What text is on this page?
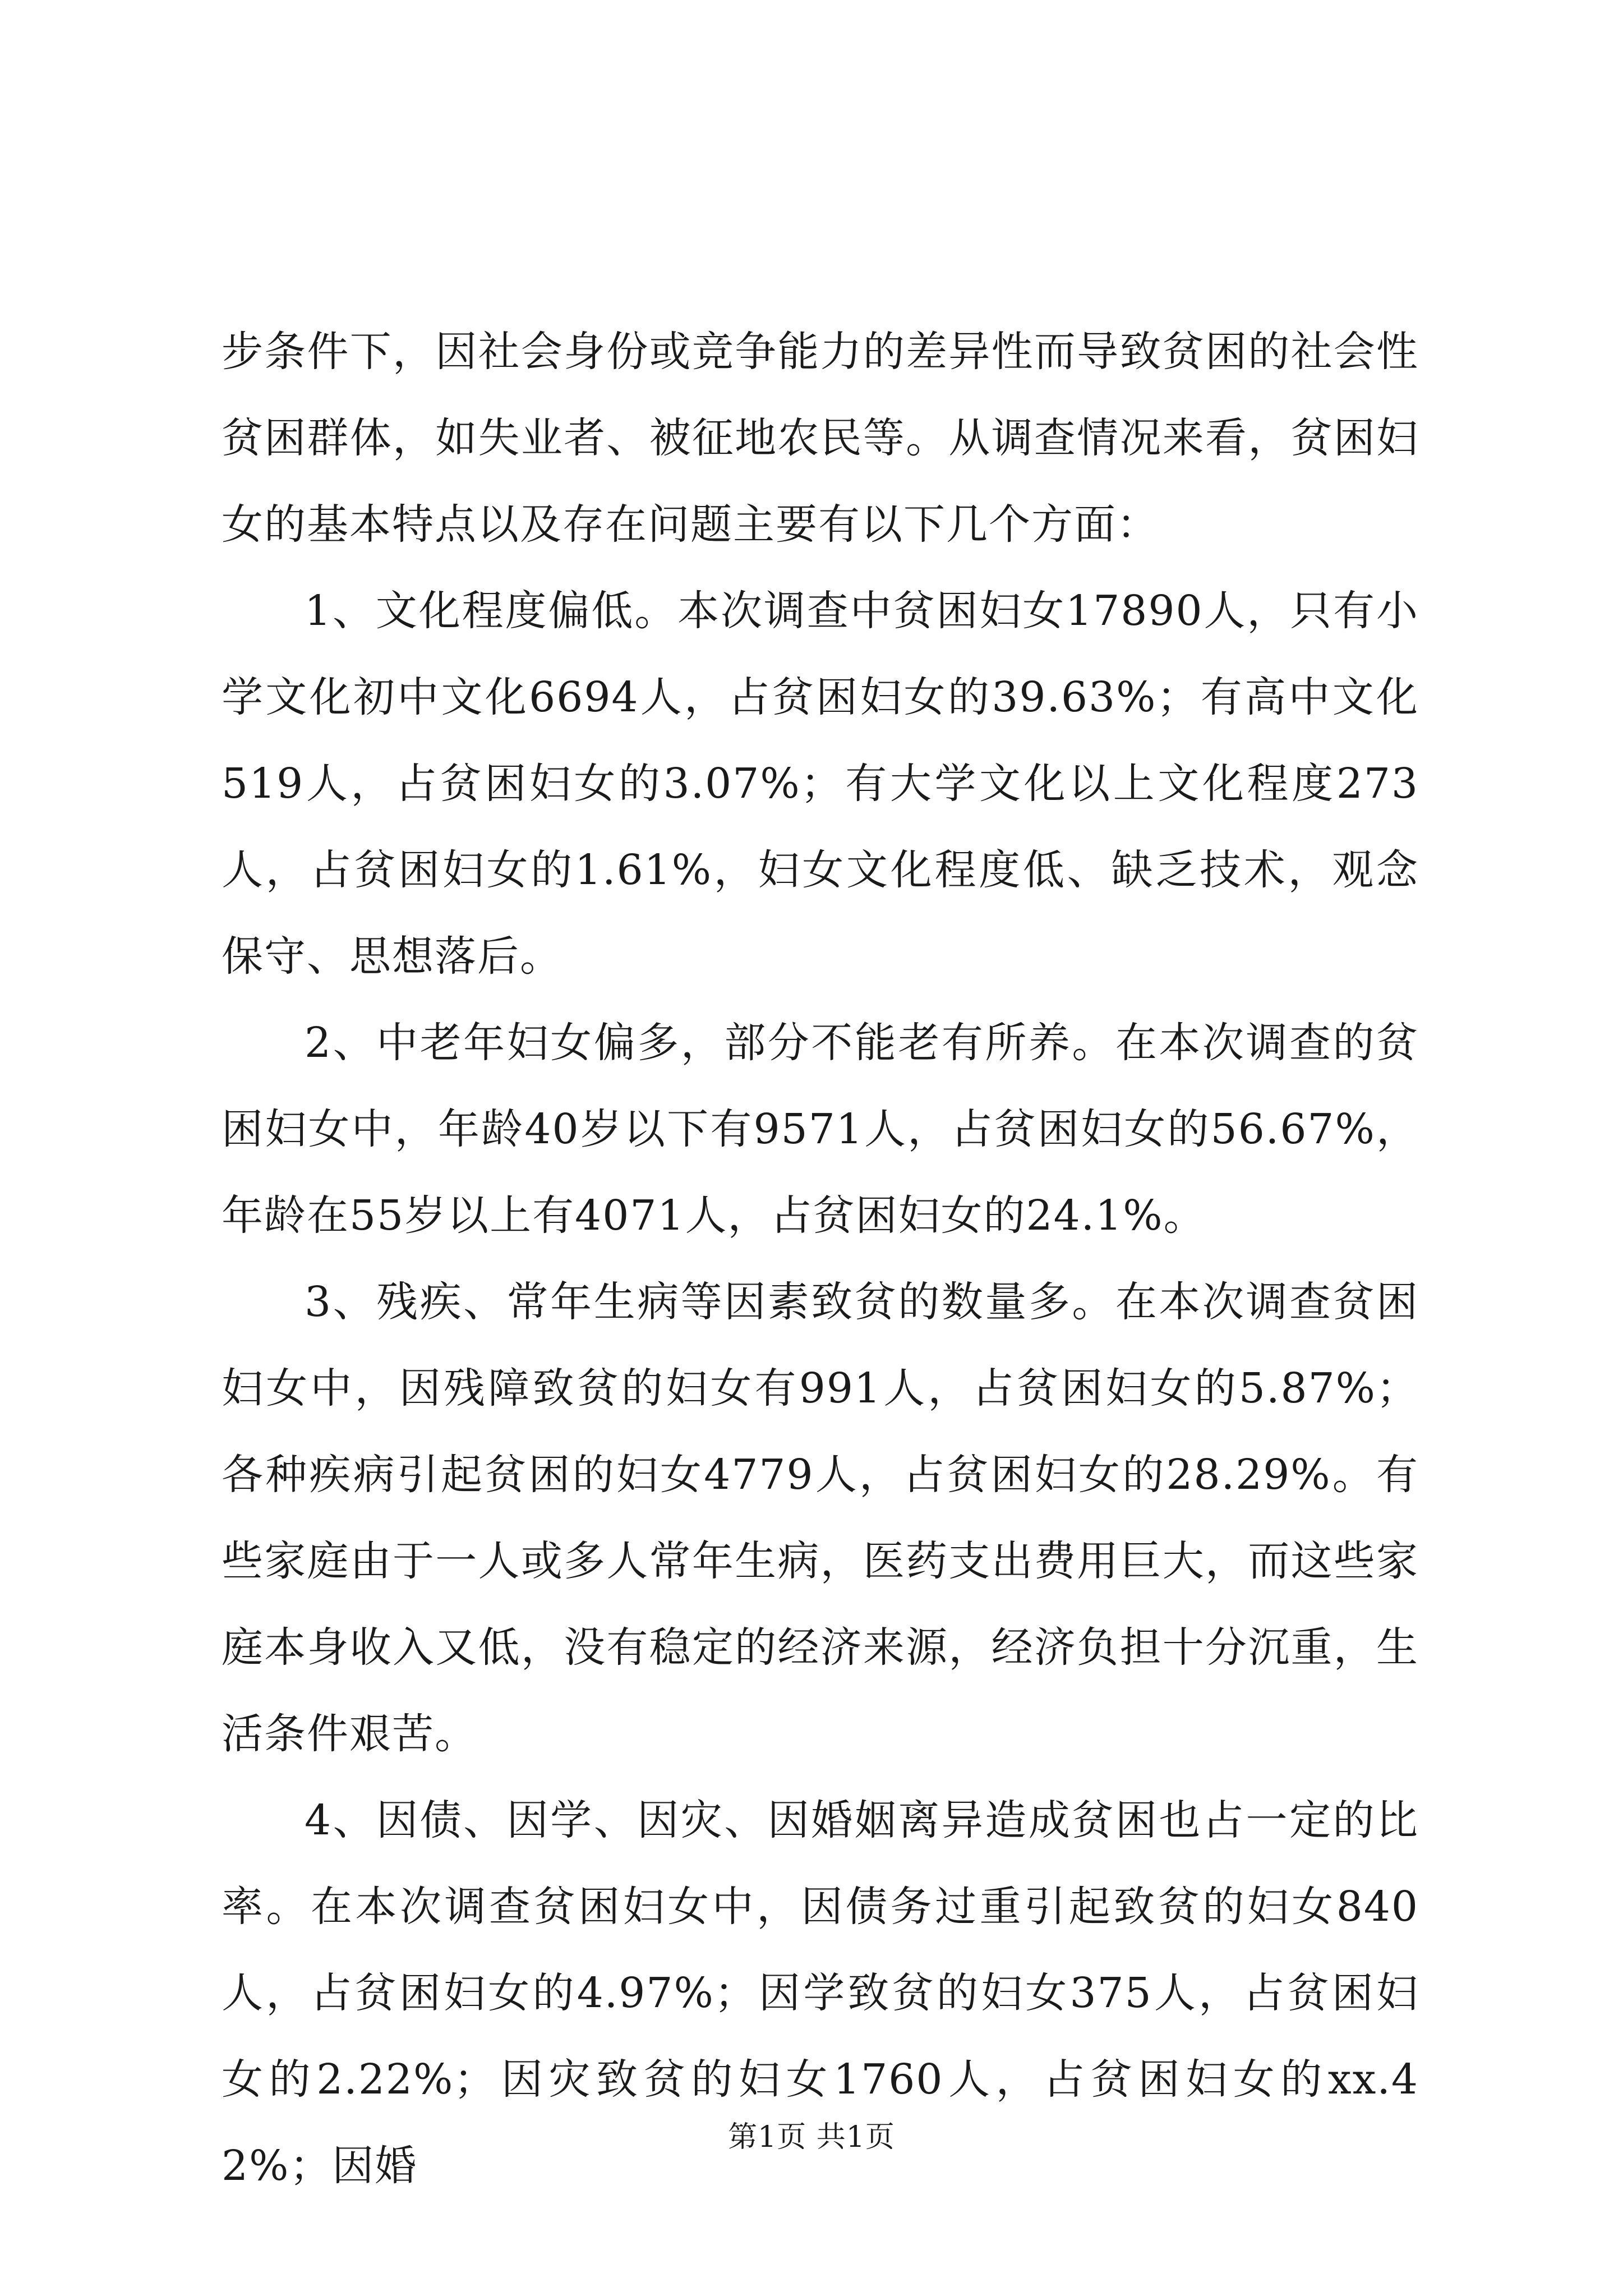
步条件下，因社会身份或竞争能力的差异性而导致贫困的社会性贫困群体，如失业者、被征地农民等。从调查情况来看，贫困妇女的基本特点以及存在问题主要有以下几个方面：

1、文化程度偏低。本次调查中贫困妇女17890人，只有小学文化初中文化6694人，占贫困妇女的39.63%；有高中文化519人，占贫困妇女的3.07%；有大学文化以上文化程度273人，占贫困妇女的1.61%，妇女文化程度低、缺乏技术，观念保守、思想落后。

2、中老年妇女偏多，部分不能老有所养。在本次调查的贫困妇女中，年龄40岁以下有9571人，占贫困妇女的56.67%，年龄在55岁以上有4071人，占贫困妇女的24.1%。

3、残疾、常年生病等因素致贫的数量多。在本次调查贫困妇女中，因残障致贫的妇女有991人，占贫困妇女的5.87%；各种疾病引起贫困的妇女4779人，占贫困妇女的28.29%。有些家庭由于一人或多人常年生病，医药支出费用巨大，而这些家庭本身收入又低，没有稳定的经济来源，经济负担十分沉重，生活条件艰苦。

4、因债、因学、因灾、因婚姻离异造成贫困也占一定的比率。在本次调查贫困妇女中，因债务过重引起致贫的妇女840人，占贫困妇女的4.97%；因学致贫的妇女375人，占贫困妇女的2.22%；因灾致贫的妇女1760人，占贫困妇女的xx.42%；因婚

第1页 共1页
